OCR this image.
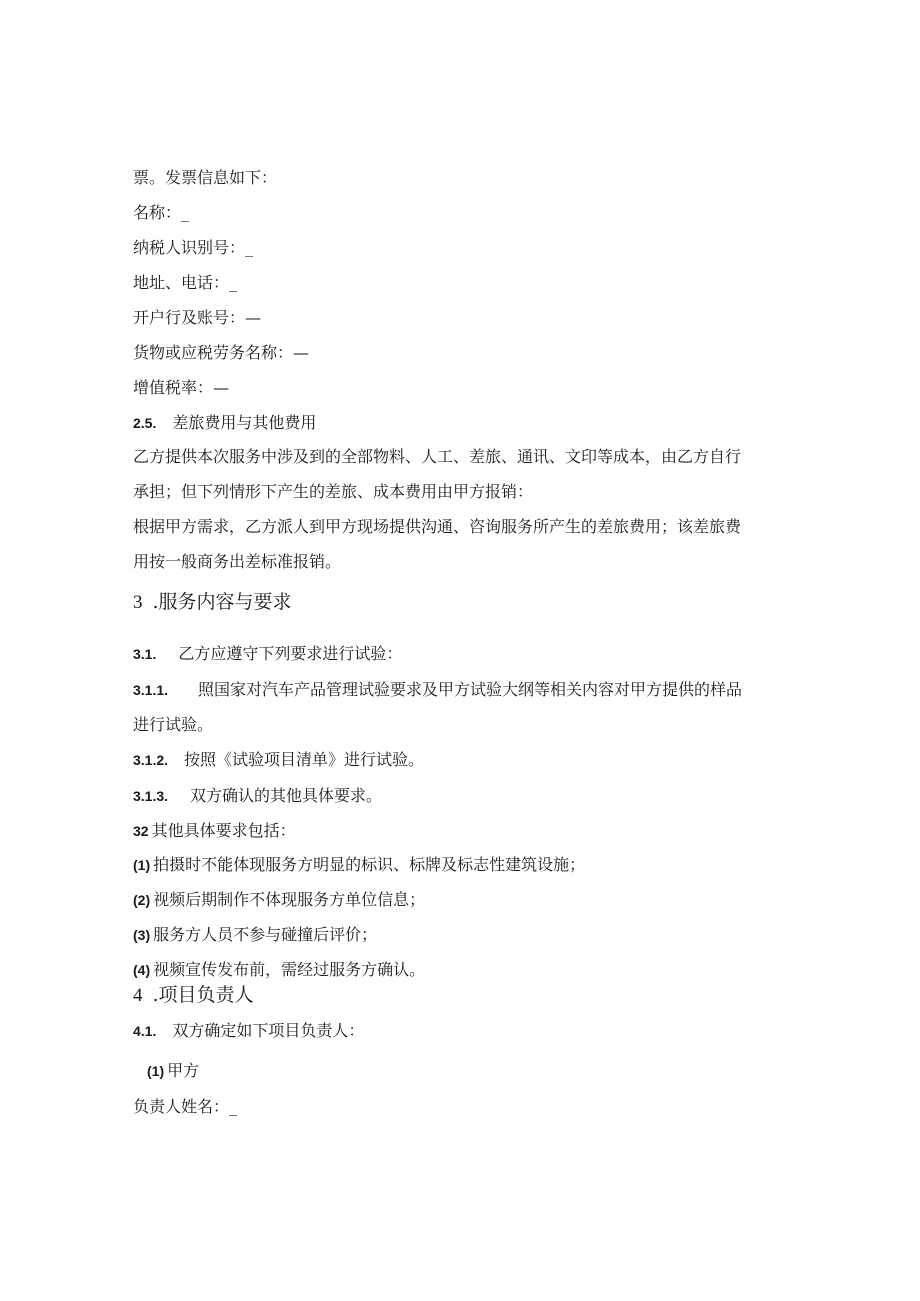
票。发票信息如下：
名称：_
纳税人识别号：_
地址、电话：_
开户行及账号：—
货物或应税劳务名称：—
增值税率：—
2.5. 差旅费用与其他费用
乙方提供本次服务中涉及到的全部物料、人工、差旅、通讯、文印等成本，由乙方自行
承担；但下列情形下产生的差旅、成本费用由甲方报销：
根据甲方需求，乙方派人到甲方现场提供沟通、咨询服务所产生的差旅费用；该差旅费
用按一般商务出差标准报销。
3 .服务内容与要求
3.1. 乙方应遵守下列要求进行试验：
3.1.1. 照国家对汽车产品管理试验要求及甲方试验大纲等相关内容对甲方提供的样品
进行试验。
3.1.2. 按照《试验项目清单》进行试验。
3.1.3. 双方确认的其他具体要求。
32 其他具体要求包括：
(1) 拍摄时不能体现服务方明显的标识、标牌及标志性建筑设施；
(2) 视频后期制作不体现服务方单位信息；
(3) 服务方人员不参与碰撞后评价；
(4) 视频宣传发布前，需经过服务方确认。
4 .项目负责人
4.1. 双方确定如下项目负责人：
(1) 甲方
负责人姓名：_
